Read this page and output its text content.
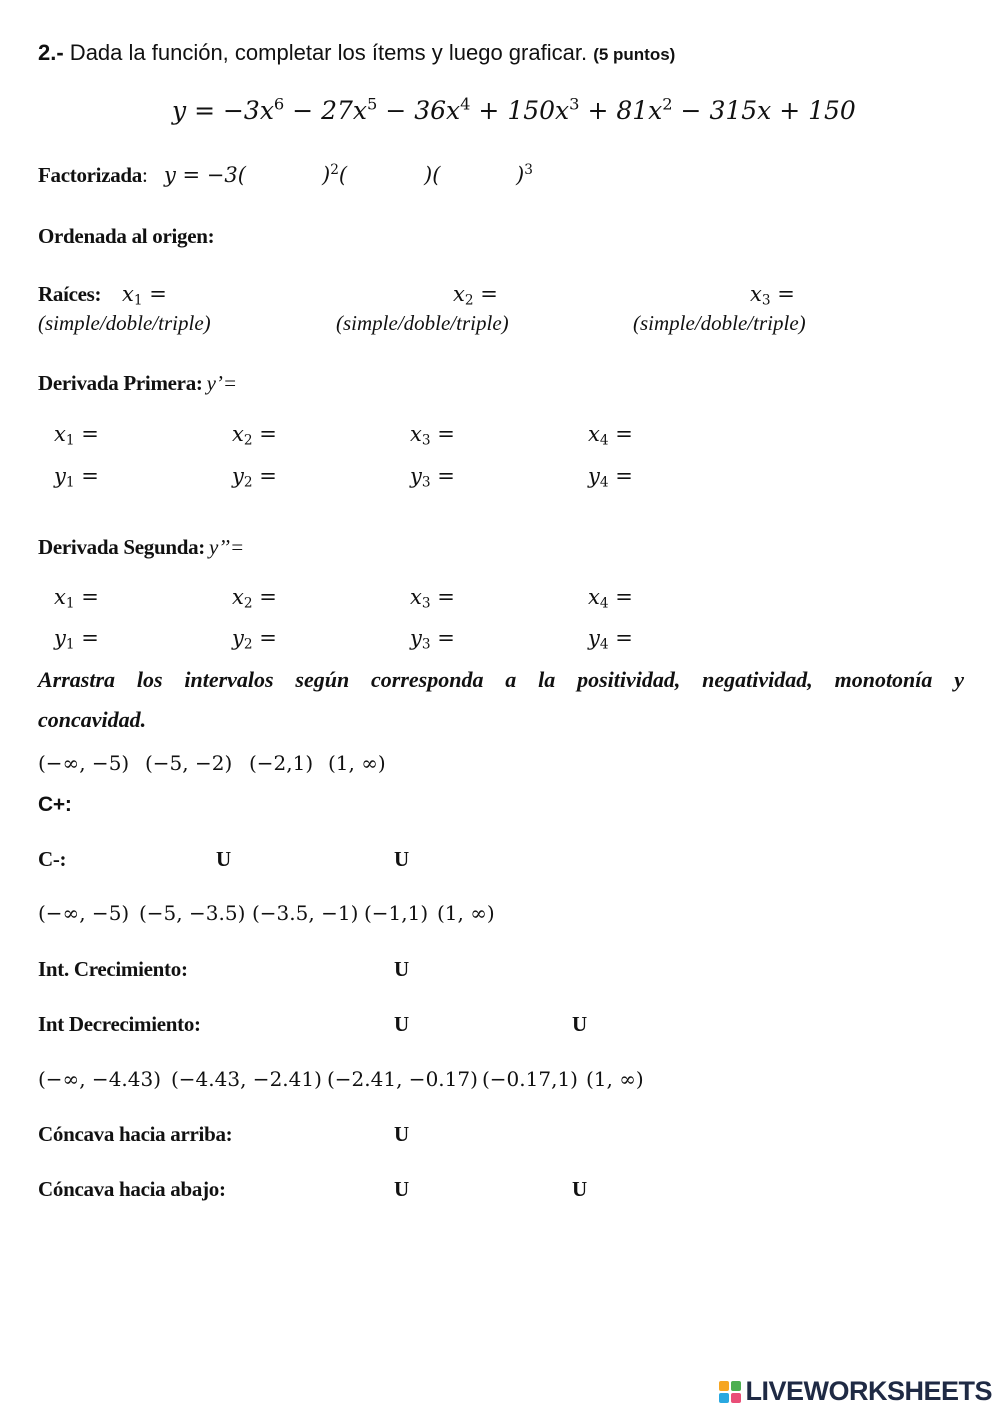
2.- Dada la función, completar los ítems y luego graficar. (5 puntos)
$y = -3x^6 - 27x^5 - 36x^4 + 150x^3 + 81x^2 - 315x + 150$
Factorizada: y = −3(	)$^2$(	)(	)$^3$
Ordenada al origen:
Raíces: $x_1$ =	$x_2$ =	$x_3$ =
(simple/doble/triple)	(simple/doble/triple)	(simple/doble/triple)
Derivada Primera: y’=
$x_1$ =	$x_2$ =	$x_3$ =	$x_4$ =
$y_1$ =	$y_2$ =	$y_3$ =	$y_4$ =
Derivada Segunda: y’’=
$x_1$ =	$x_2$ =	$x_3$ =	$x_4$ =
$y_1$ =	$y_2$ =	$y_3$ =	$y_4$ =
Arrastra los intervalos según corresponda a la positividad, negatividad, monotonía y
concavidad.
(−∞, −5) (−5, −2) (−2,1) (1, ∞)
C+:
C-:	U	U
(−∞, −5) (−5, −3.5) (−3.5, −1) (−1,1) (1, ∞)
Int. Crecimiento:	U
Int Decrecimiento:	U	U
(−∞, −4.43) (−4.43, −2.41) (−2.41, −0.17) (−0.17,1) (1, ∞)
Cóncava hacia arriba:	U
Cóncava hacia abajo:	U	U
LIVEWORKSHEETS
